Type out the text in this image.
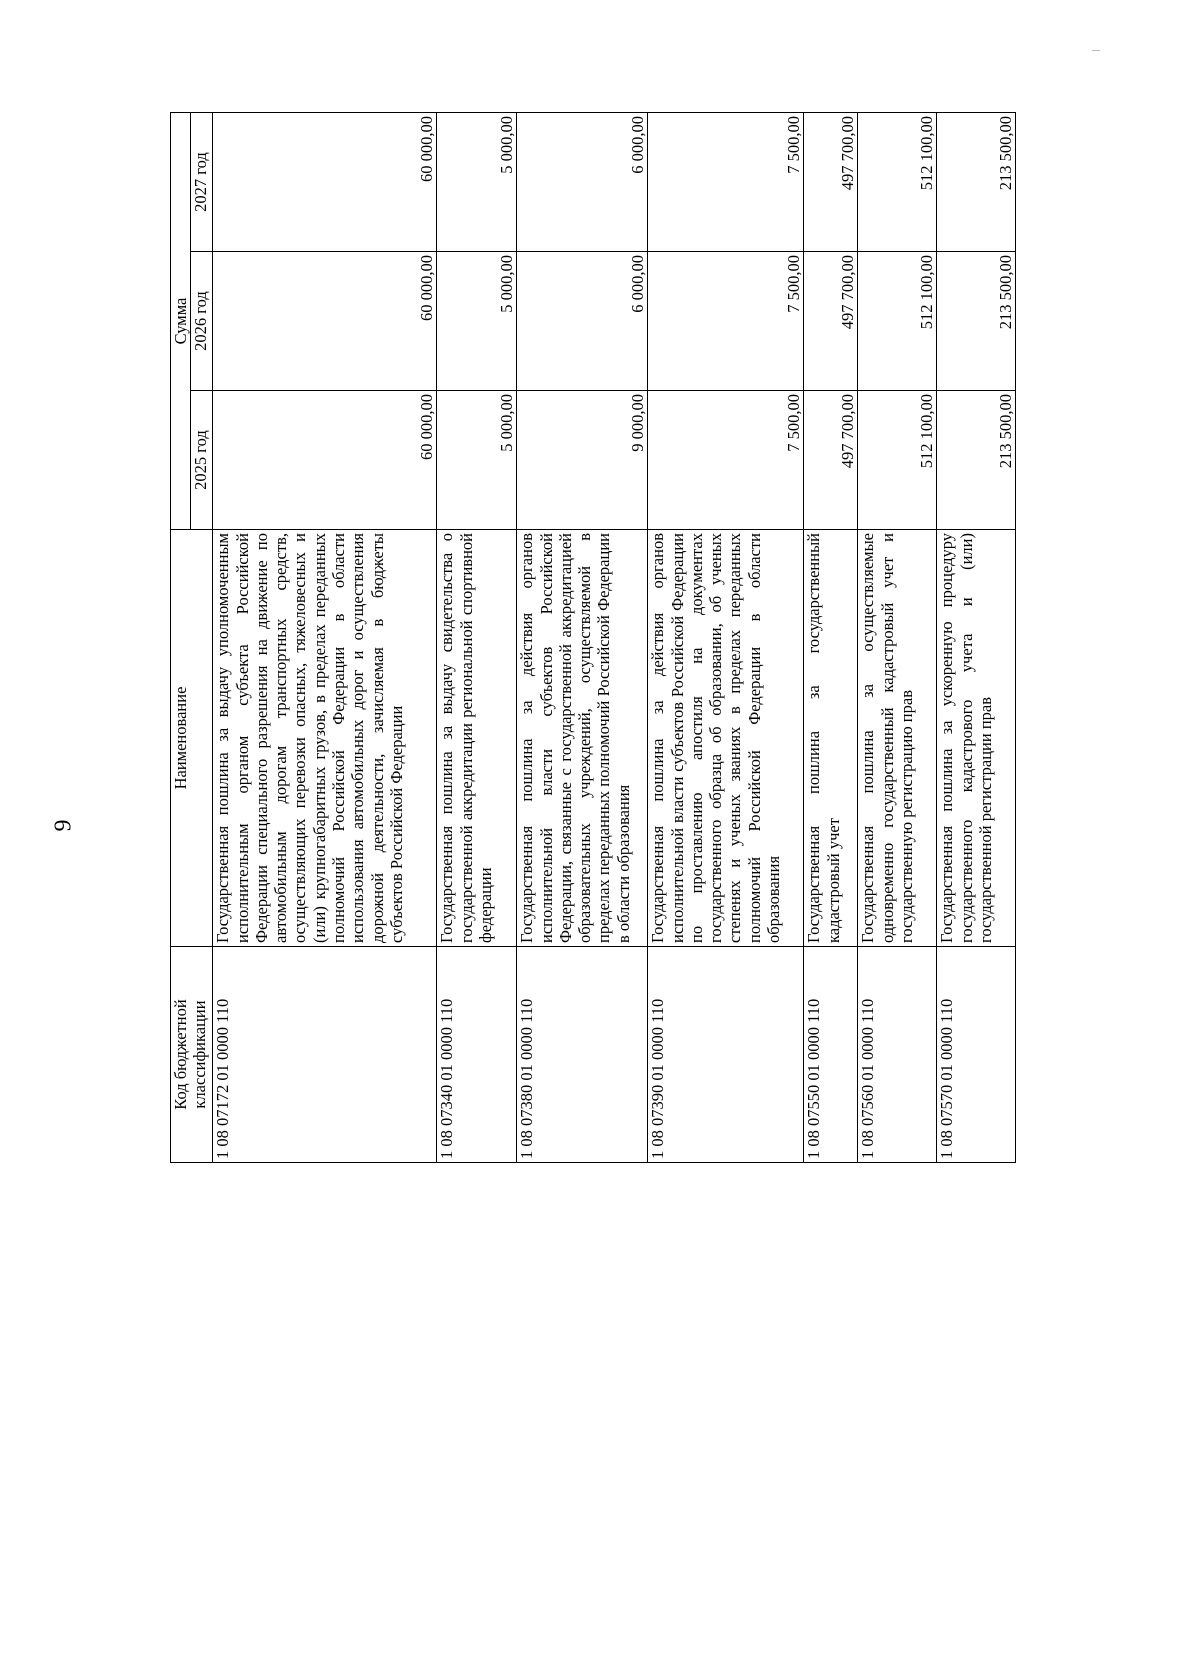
9
Код бюджетной классификации	Наименование	Сумма		
		2025 год	2026 год	2027 год
1 08 07172 01 0000 110	Государственная пошлина за выдачу уполномоченным исполнительным органом субъекта Российской Федерации специального разрешения на движение по автомобильным дорогам транспортных средств, осуществляющих перевозки опасных, тяжеловесных и (или) крупногабаритных грузов, в пределах переданных полномочий Российской Федерации в области использования автомобильных дорог и осуществления дорожной деятельности, зачисляемая в бюджеты субъектов Российской Федерации	60 000,00	60 000,00	60 000,00
1 08 07340 01 0000 110	Государственная пошлина за выдачу свидетельства о государственной аккредитации региональной спортивной федерации	5 000,00	5 000,00	5 000,00
1 08 07380 01 0000 110	Государственная пошлина за действия органов исполнительной власти субъектов Российской Федерации, связанные с государственной аккредитацией образовательных учреждений, осуществляемой в пределах переданных полномочий Российской Федерации в области образования	9 000,00	6 000,00	6 000,00
1 08 07390 01 0000 110	Государственная пошлина за действия органов исполнительной власти субъектов Российской Федерации по проставлению апостиля на документах государственного образца об образовании, об ученых степенях и ученых званиях в пределах переданных полномочий Российской Федерации в области образования	7 500,00	7 500,00	7 500,00
1 08 07550 01 0000 110	Государственная пошлина за государственный кадастровый учет	497 700,00	497 700,00	497 700,00
1 08 07560 01 0000 110	Государственная пошлина за осуществляемые одновременно государственный кадастровый учет и государственную регистрацию прав	512 100,00	512 100,00	512 100,00
1 08 07570 01 0000 110	Государственная пошлина за ускоренную процедуру государственного кадастрового учета и (или) государственной регистрации прав	213 500,00	213 500,00	213 500,00
